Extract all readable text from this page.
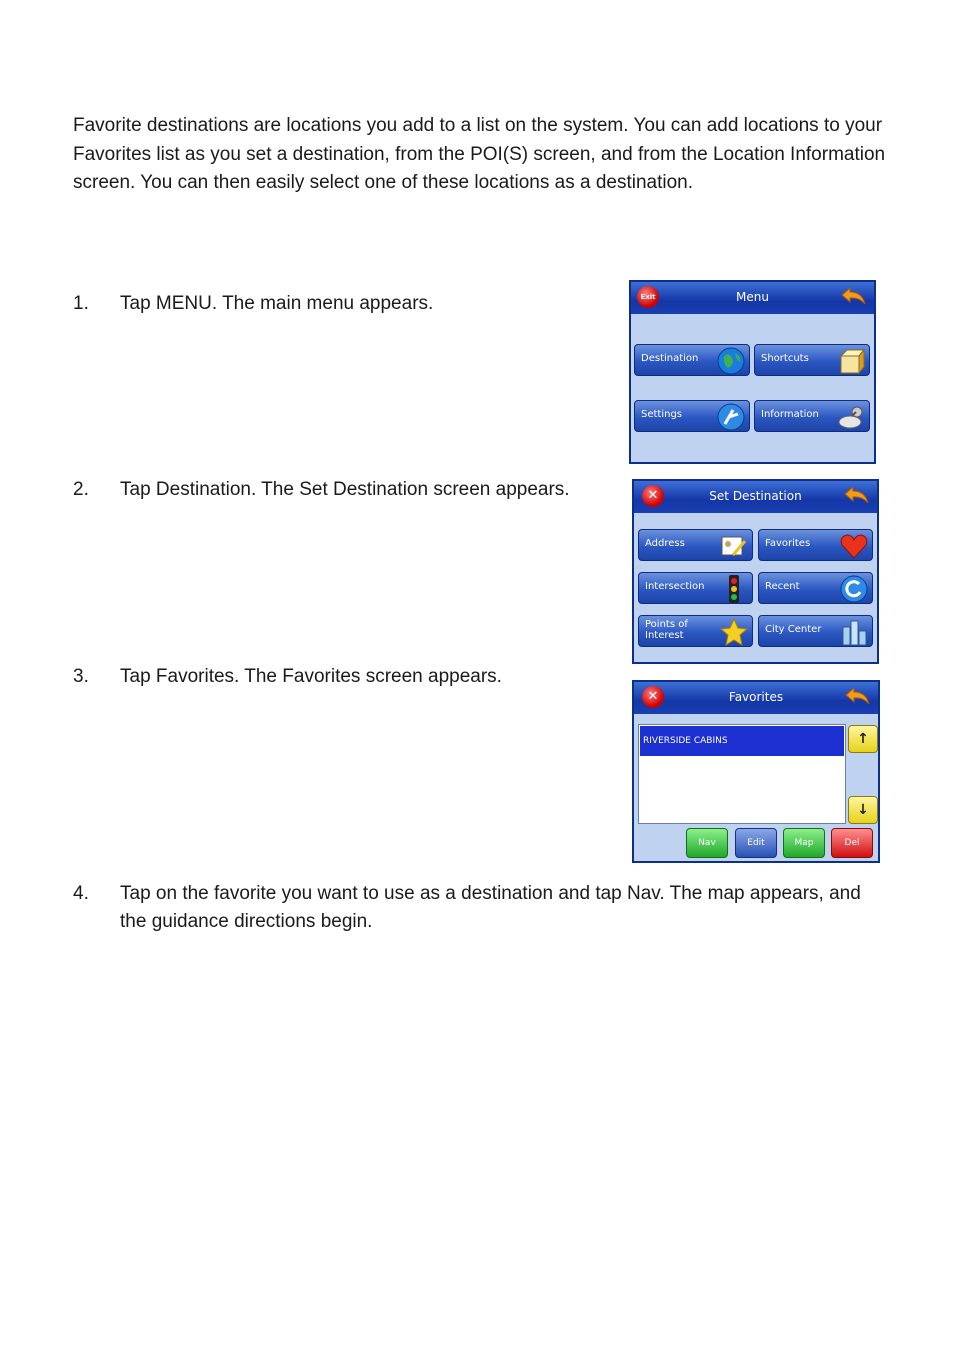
Favorite destinations are locations you add to a list on the system. You can add locations to your Favorites list as you set a destination, from the POI(S) screen, and from the Location Information screen. You can then easily select one of these locations as a destination.

1. Tap MENU. The main menu appears.
2. Tap Destination. The Set Destination screen appears.
3. Tap Favorites. The Favorites screen appears.
4. Tap on the favorite you want to use as a destination and tap Nav. The map appears, and the guidance directions begin.
Exit	Menu
Destination	Shortcuts
Settings	Information
✕	Set Destination
Address	Favorites
Intersection	Recent
Points of Interest
City Center
✕	Favorites
RIVERSIDE CABINS	↑
↓
Nav	Edit	Map	Del
